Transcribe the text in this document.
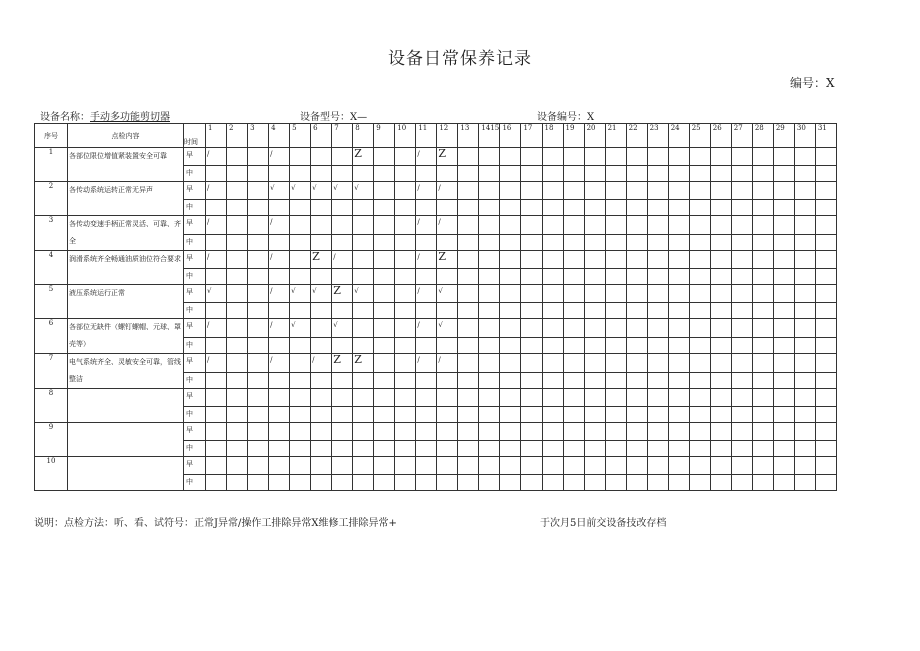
设备日常保养记录
编号：X
设备名称：手动多功能剪切器	设备型号：X—	设备编号：X
序号	点检内容	时间	1	2	3	4	5	6	7	8	9	10	11	12	13	1415	16	17	18	19	20	21	22	23	24	25	26	27	28	29	30	31
1	各部位限位增值紧装置安全可靠	早	/			/				Z			/	Z																		
		中																														
2	各传动系统运转正常无异声	早	/			√	√	√	√	√			/	/																		
		中																														
3	各传动变速手柄正常灵活、可靠、齐全	早	/			/							/	/																		
		中																														
4	润滑系统齐全畅通油质油位符合要求	早	/			/		Z	/				/	Z																		
		中																														
5	液压系统运行正常	早	√			/	√	√	Z	√			/	√																		
		中																														
6	各部位无缺件（螺钉螺帽、元球、罩壳等）	早	/			/	√		√				/	√																		
		中																														
7	电气系统齐全、灵敏安全可靠，管线整洁	早	/			/		/	Z	Z			/	/																		
		中																														
8		早																														
		中																														
9		早																														
		中																														
10		早																														
		中																														
说明：点检方法：听、看、试符号：正常J异常/操作工排除异常X维修工排除异常+	于次月5日前交设备技改存档
